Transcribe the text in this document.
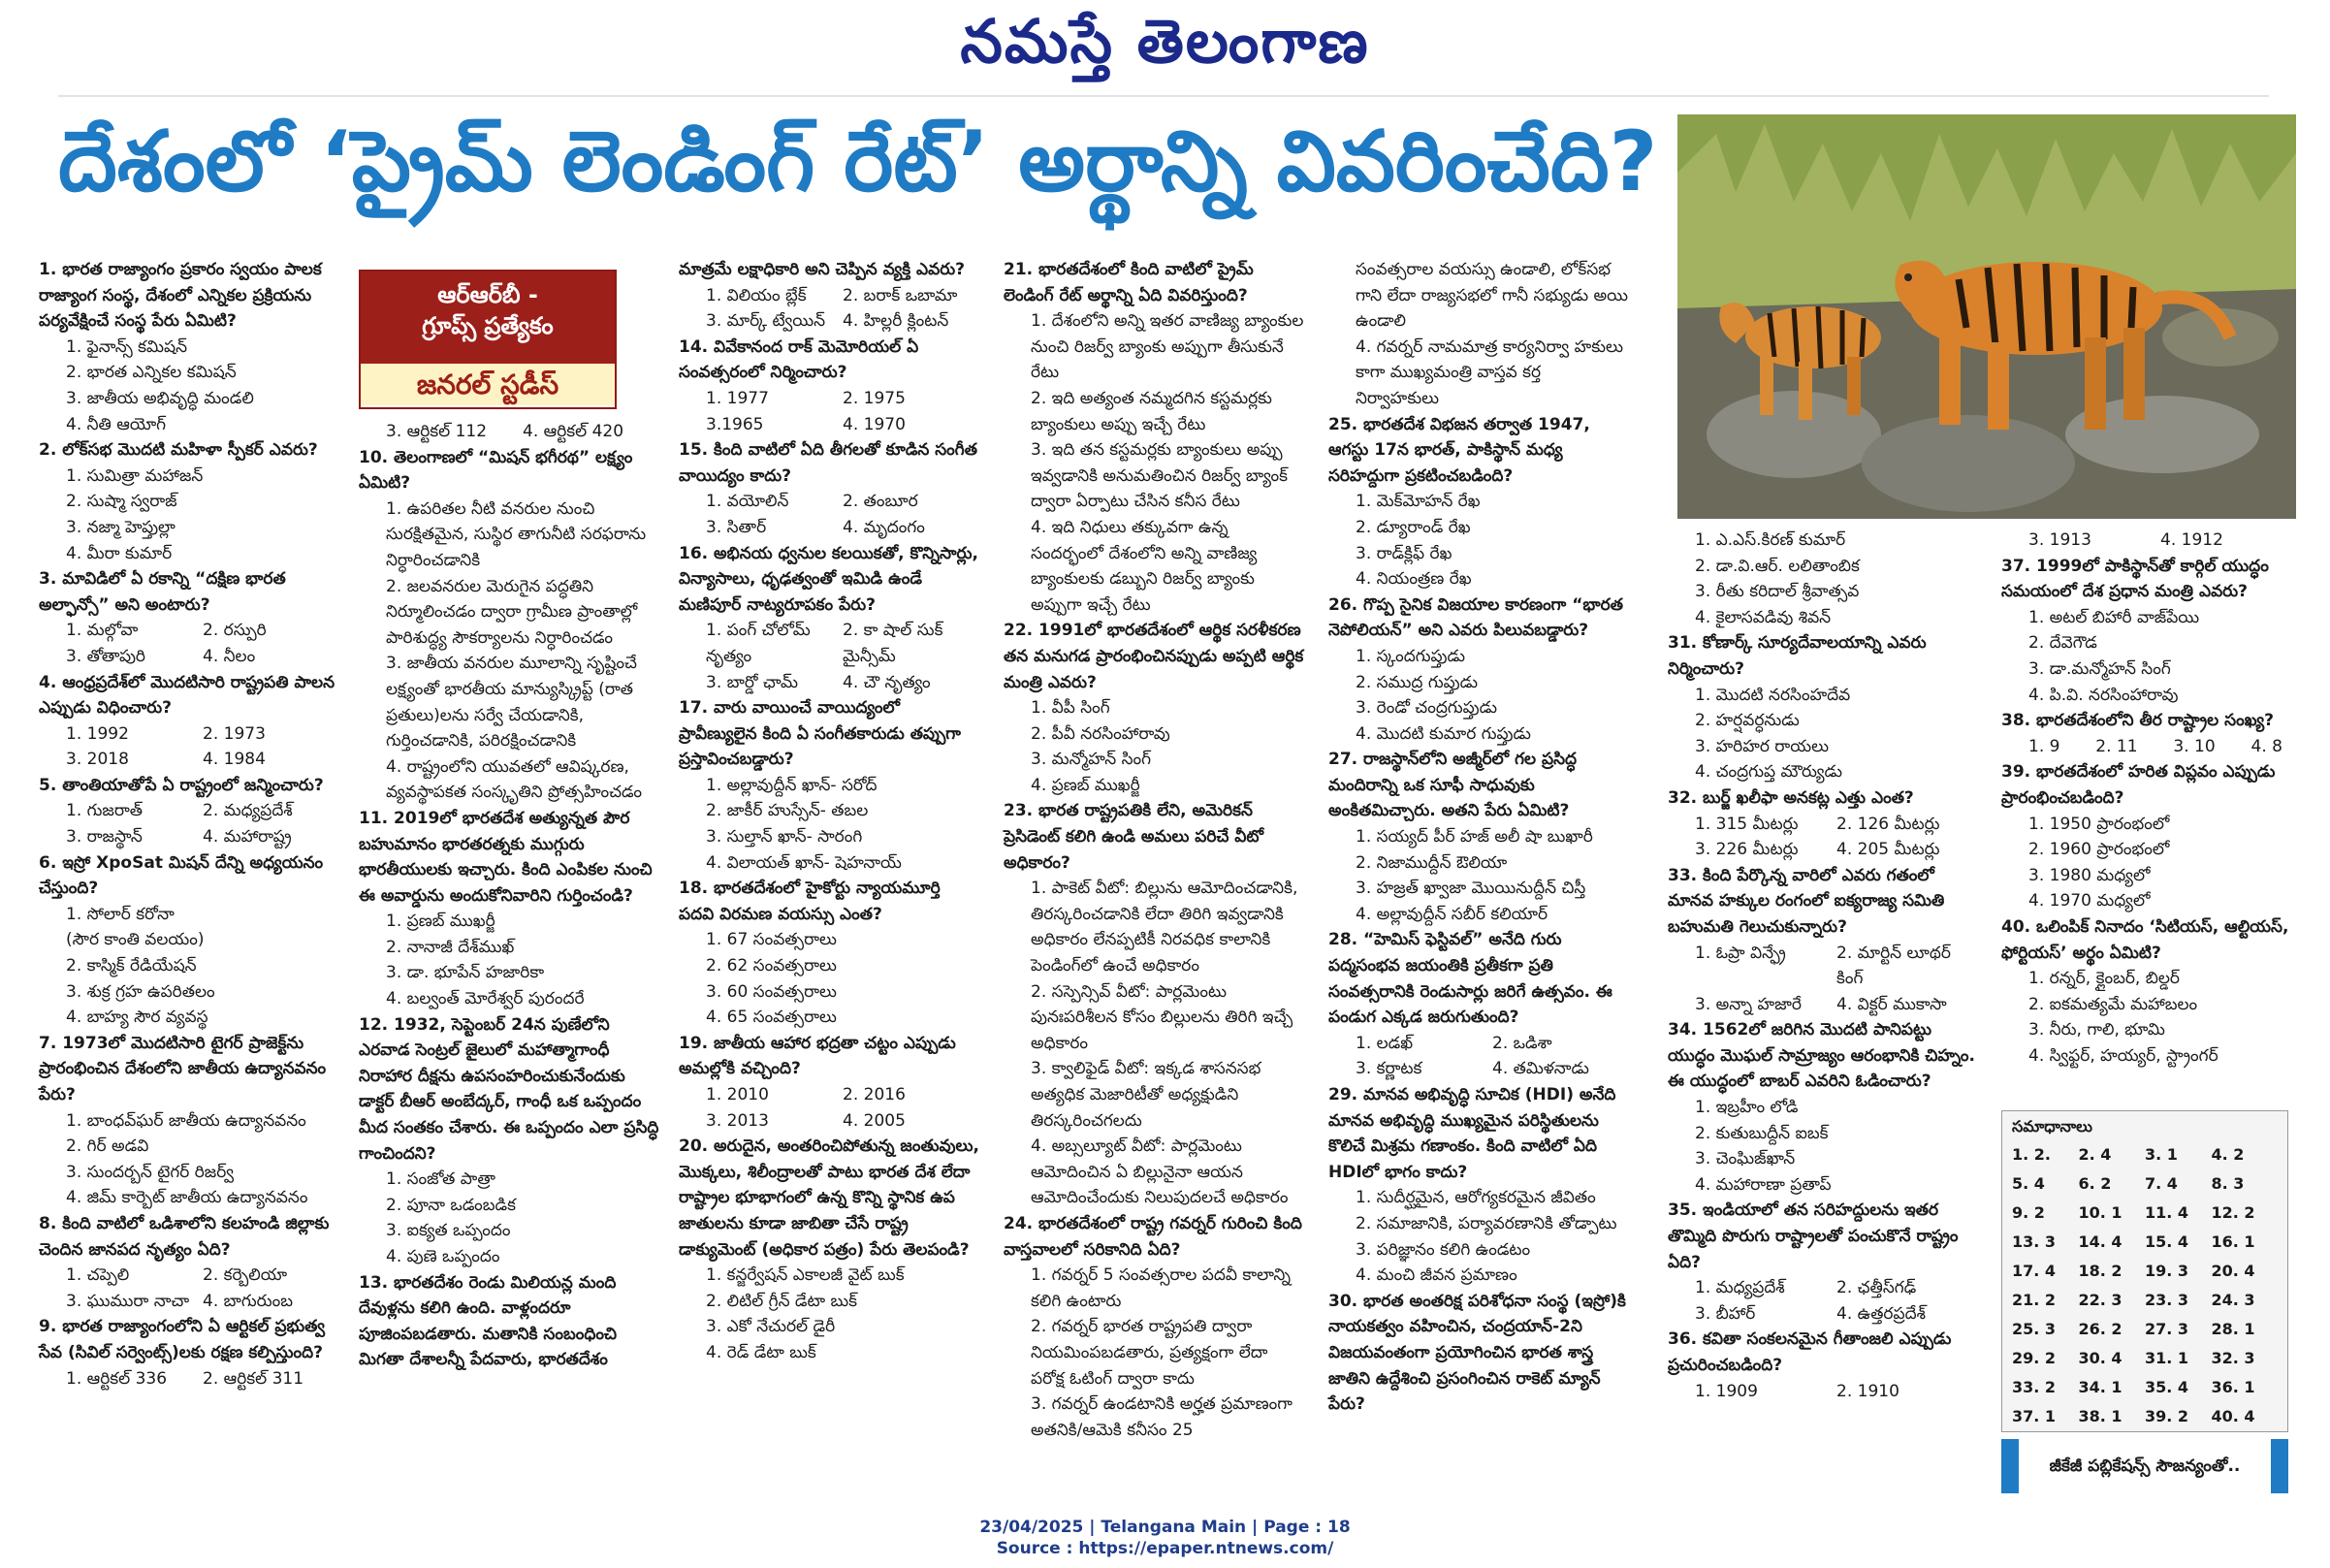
నమస్తే తెలంగాణ
దేశంలో ‘ప్రైమ్ లెండింగ్ రేట్’ అర్థాన్ని వివరించేది?
ఆర్ఆర్‌బీ -
గ్రూప్స్ ప్రత్యేకం
జనరల్ స్టడీస్

1. భారత రాజ్యాంగం ప్రకారం స్వయం పాలక రాజ్యాంగ సంస్థ, దేశంలో ఎన్నికల ప్రక్రియను పర్యవేక్షించే సంస్థ పేరు ఏమిటి?

1. ఫైనాన్స్ కమిషన్

2. భారత ఎన్నికల కమిషన్

3. జాతీయ అభివృద్ధి మండలి

4. నీతి ఆయోగ్

2. లోక్‌సభ మొదటి మహిళా స్పీకర్ ఎవరు?

1. సుమిత్రా మహాజన్

2. సుష్మా స్వరాజ్

3. నజ్మా హెప్తుల్లా

4. మీరా కుమార్

3. మావిడిలో ఏ రకాన్ని “దక్షిణ భారత అల్ఫాన్సో” అని అంటారు?

1. మల్గోవా	2. రస్పురి
3. తోతాపురి	4. నీలం

4. ఆంధ్రప్రదేశ్‌లో మొదటిసారి రాష్ట్రపతి పాలన ఎప్పుడు విధించారు?

1. 1992	2. 1973
3. 2018	4. 1984

5. తాంతియాతోపే ఏ రాష్ట్రంలో జన్మించారు?

1. గుజరాత్	2. మధ్యప్రదేశ్
3. రాజస్థాన్	4. మహారాష్ట్ర

6. ఇస్రో XpoSat మిషన్ దేన్ని అధ్యయనం చేస్తుంది?

1. సోలార్ కరోనా

(సౌర కాంతి వలయం)

2. కాస్మిక్ రేడియేషన్

3. శుక్ర గ్రహ ఉపరితలం

4. బాహ్య సౌర వ్యవస్థ

7. 1973లో మొదటిసారి టైగర్ ప్రాజెక్ట్‌ను ప్రారంభించిన దేశంలోని జాతీయ ఉద్యానవనం పేరు?

1. బాంధవ్‌ఘర్ జాతీయ ఉద్యానవనం

2. గిర్ అడవి

3. సుందర్బన్ టైగర్ రిజర్వ్

4. జిమ్ కార్బెట్ జాతీయ ఉద్యానవనం

8. కింది వాటిలో ఒడిశాలోని కలహండి జిల్లాకు చెందిన జానపద నృత్యం ఏది?

1. చప్పెలి	2. కర్బెలియా
3. ఘుమురా నాచా 4. బాగురుంబ

9. భారత రాజ్యాంగంలోని ఏ ఆర్టికల్ ప్రభుత్వ సేవ (సివిల్ సర్వెంట్స్)లకు రక్షణ కల్పిస్తుంది?

1. ఆర్టికల్ 336	2. ఆర్టికల్ 311
3. ఆర్టికల్ 112	4. ఆర్టికల్ 420

10. తెలంగాణలో “మిషన్ భగీరథ” లక్ష్యం ఏమిటి?

1. ఉపరితల నీటి వనరుల నుంచి సురక్షితమైన, సుస్థిర తాగునీటి సరఫరాను నిర్ధారించడానికి

2. జలవనరుల మెరుగైన పద్ధతిని నిర్మూలించడం ద్వారా గ్రామీణ ప్రాంతాల్లో పారిశుద్ధ్య సౌకర్యాలను నిర్ధారించడం

3. జాతీయ వనరుల మూలాన్ని సృష్టించే లక్ష్యంతో భారతీయ మాన్యుస్క్రిప్ట్ (రాత ప్రతులు)లను సర్వే చేయడానికి, గుర్తించడానికి, పరిరక్షించడానికి

4. రాష్ట్రంలోని యువతలో ఆవిష్కరణ, వ్యవస్థాపకత సంస్కృతిని ప్రోత్సహించడం

11. 2019లో భారతదేశ అత్యున్నత పౌర బహుమానం భారతరత్నకు ముగ్గురు భారతీయులకు ఇచ్చారు. కింది ఎంపికల నుంచి ఈ అవార్డును అందుకోనివారిని గుర్తించండి?

1. ప్రణబ్ ముఖర్జీ

2. నానాజీ దేశ్‌ముఖ్

3. డా. భూపేన్ హజారికా

4. బల్వంత్ మోరేశ్వర్ పురందరే

12. 1932, సెప్టెంబర్ 24న పుణేలోని ఎరవాడ సెంట్రల్ జైలులో మహాత్మాగాంధీ నిరాహార దీక్షను ఉపసంహరించుకునేందుకు డాక్టర్ బీఆర్ అంబేద్కర్, గాంధీ ఒక ఒప్పందం మీద సంతకం చేశారు. ఈ ఒప్పందం ఎలా ప్రసిద్ధి గాంచిందని?

1. సంజోత పాత్రా

2. పూనా ఒడంబడిక

3. ఐక్యత ఒప్పందం

4. పుణె ఒప్పందం

13. భారతదేశం రెండు మిలియన్ల మంది దేవుళ్లను కలిగి ఉంది. వాళ్లందరూ పూజింపబడతారు. మతానికి సంబంధించి మిగతా దేశాలన్నీ పేదవారు, భారతదేశం

మాత్రమే లక్షాధికారి అని చెప్పిన వ్యక్తి ఎవరు?

1. విలియం బ్లేక్	2. బరాక్ ఒబామా
3. మార్క్ ట్వేయిన్	4. హిల్లరీ క్లింటన్

14. వివేకానంద రాక్ మెమోరియల్ ఏ సంవత్సరంలో నిర్మించారు?

1. 1977	2. 1975
3.1965	4. 1970

15. కింది వాటిలో ఏది తీగలతో కూడిన సంగీత వాయిద్యం కాదు?

1. వయోలిన్	2. తంబూర
3. సితార్	4. మృదంగం

16. అభినయ ధ్వనుల కలయికతో, కొన్నిసార్లు, విన్యాసాలు, ధృఢత్వంతో ఇమిడి ఉండే మణిపూర్ నాట్యరూపకం పేరు?

1. పంగ్ చోలోమ్ నృత్యం
2. కా షాల్ సుక్ మైన్సీమ్
3. బార్డో ఛామ్	4. చౌ నృత్యం

17. వారు వాయించే వాయిద్యంలో ప్రావీణ్యులైన కింది ఏ సంగీతకారుడు తప్పుగా ప్రస్తావించబడ్డారు?

1. అల్లావుద్దీన్ ఖాన్- సరోద్

2. జాకీర్ హుస్సేన్- తబల

3. సుల్తాన్ ఖాన్- సారంగి

4. విలాయత్ ఖాన్- షెహనాయ్

18. భారతదేశంలో హైకోర్టు న్యాయమూర్తి పదవి విరమణ వయస్సు ఎంత?

1. 67 సంవత్సరాలు

2. 62 సంవత్సరాలు

3. 60 సంవత్సరాలు

4. 65 సంవత్సరాలు

19. జాతీయ ఆహార భద్రతా చట్టం ఎప్పుడు అమల్లోకి వచ్చింది?

1. 2010	2. 2016
3. 2013	4. 2005

20. అరుదైన, అంతరించిపోతున్న జంతువులు, మొక్కలు, శిలీంద్రాలతో పాటు భారత దేశ లేదా రాష్ట్రాల భూభాగంలో ఉన్న కొన్ని స్థానిక ఉప జాతులను కూడా జాబితా చేసే రాష్ట్ర డాక్యుమెంట్ (అధికార పత్రం) పేరు తెలపండి?

1. కన్జర్వేషన్ ఎకాలజీ వైట్ బుక్

2. లిటిల్ గ్రీన్ డేటా బుక్

3. ఎకో నేచురల్ డైరీ

4. రెడ్ డేటా బుక్

21. భారతదేశంలో కింది వాటిలో ప్రైమ్ లెండింగ్ రేట్ అర్థాన్ని ఏది వివరిస్తుంది?

1. దేశంలోని అన్ని ఇతర వాణిజ్య బ్యాంకుల నుంచి రిజర్వ్ బ్యాంకు అప్పుగా తీసుకునే రేటు

2. ఇది అత్యంత నమ్మదగిన కస్టమర్లకు బ్యాంకులు అప్పు ఇచ్చే రేటు

3. ఇది తన కస్టమర్లకు బ్యాంకులు అప్పు ఇవ్వడానికి అనుమతించిన రిజర్వ్ బ్యాంక్ ద్వారా ఏర్పాటు చేసిన కనీస రేటు

4. ఇది నిధులు తక్కువగా ఉన్న సందర్భంలో దేశంలోని అన్ని వాణిజ్య బ్యాంకులకు డబ్బుని రిజర్వ్ బ్యాంకు అప్పుగా ఇచ్చే రేటు

22. 1991లో భారతదేశంలో ఆర్థిక సరళీకరణ తన మనుగడ ప్రారంభించినప్పుడు అప్పటి ఆర్థిక మంత్రి ఎవరు?

1. వీపీ సింగ్

2. పీవీ నరసింహారావు

3. మన్మోహన్ సింగ్

4. ప్రణబ్ ముఖర్జీ

23. భారత రాష్ట్రపతికి లేని, అమెరికన్ ప్రెసిడెంట్ కలిగి ఉండి అమలు పరిచే వీటో అధికారం?

1. పాకెట్ వీటో: బిల్లును ఆమోదించడానికి, తిరస్కరించడానికి లేదా తిరిగి ఇవ్వడానికి అధికారం లేనప్పటికీ నిరవధిక కాలానికి పెండింగ్‌లో ఉంచే అధికారం

2. సస్పెన్సివ్ వీటో: పార్లమెంటు పునఃపరిశీలన కోసం బిల్లులను తిరిగి ఇచ్చే అధికారం

3. క్వాలిఫైడ్ వీటో: ఇక్కడ శాసనసభ అత్యధిక మెజారిటీతో అధ్యక్షుడిని తిరస్కరించగలదు

4. అబ్సల్యూట్ వీటో: పార్లమెంటు ఆమోదించిన ఏ బిల్లునైనా ఆయన ఆమోదించేందుకు నిలుపుదలచే అధికారం

24. భారతదేశంలో రాష్ట్ర గవర్నర్ గురించి కింది వాస్తవాలలో సరికానిది ఏది?

1. గవర్నర్ 5 సంవత్సరాల పదవీ కాలాన్ని కలిగి ఉంటారు

2. గవర్నర్ భారత రాష్ట్రపతి ద్వారా నియమింపబడతారు, ప్రత్యక్షంగా లేదా పరోక్ష ఓటింగ్ ద్వారా కాదు

3. గవర్నర్ ఉండటానికి అర్హత ప్రమాణంగా అతనికి/ఆమెకి కనీసం 25

సంవత్సరాల వయస్సు ఉండాలి, లోక్‌సభ గాని లేదా రాజ్యసభలో గానీ సభ్యుడు అయి ఉండాలి

4. గవర్నర్ నామమాత్ర కార్యనిర్వా హకులు కాగా ముఖ్యమంత్రి వాస్తవ కర్త నిర్వాహకులు

25. భారతదేశ విభజన తర్వాత 1947, ఆగస్టు 17న భారత్, పాకిస్థాన్ మధ్య సరిహద్దుగా ప్రకటించబడింది?

1. మెక్‌మోహన్ రేఖ

2. డ్యూరాండ్ రేఖ

3. రాడ్‌క్లిఫ్ రేఖ

4. నియంత్రణ రేఖ

26. గొప్ప సైనిక విజయాల కారణంగా “భారత నెపోలియన్” అని ఎవరు పిలువబడ్డారు?

1. స్కందగుప్తుడు

2. సముద్ర గుప్తుడు

3. రెండో చంద్రగుప్తుడు

4. మొదటి కుమార గుప్తుడు

27. రాజస్థాన్‌లోని అజ్మీర్‌లో గల ప్రసిద్ధ మందిరాన్ని ఒక సూఫీ సాధువుకు అంకితమిచ్చారు. అతని పేరు ఏమిటి?

1. సయ్యద్ పీర్ హజ్ అలీ షా బుఖారీ

2. నిజాముద్దీన్ ఔలియా

3. హజ్రత్ ఖ్వాజా మొయినుద్దీన్ చిస్తీ

4. అల్లావుద్దీన్ సబీర్ కలియార్

28. “హెమిస్ ఫెస్టివల్” అనేది గురు పద్మసంభవ జయంతికి ప్రతీకగా ప్రతి సంవత్సరానికి రెండుసార్లు జరిగే ఉత్సవం. ఈ పండుగ ఎక్కడ జరుగుతుంది?

1. లడఖ్	2. ఒడిశా
3. కర్ణాటక	4. తమిళనాడు

29. మానవ అభివృద్ధి సూచిక (HDI) అనేది మానవ అభివృద్ధి ముఖ్యమైన పరిస్థితులను కొలిచే మిశ్రమ గణాంకం. కింది వాటిలో ఏది HDIలో భాగం కాదు?

1. సుదీర్ఘమైన, ఆరోగ్యకరమైన జీవితం

2. సమాజానికి, పర్యావరణానికి తోడ్పాటు

3. పరిజ్ఞానం కలిగి ఉండటం

4. మంచి జీవన ప్రమాణం

30. భారత అంతరిక్ష పరిశోధనా సంస్థ (ఇస్రో)కి నాయకత్వం వహించిన, చంద్రయాన్-2ని విజయవంతంగా ప్రయోగించిన భారత శాస్త్ర జాతిని ఉద్దేశించి ప్రసంగించిన రాకెట్ మ్యాన్ పేరు?

1. ఎ.ఎస్.కిరణ్ కుమార్

2. డా.వి.ఆర్. లలితాంబిక

3. రీతు కరిదాల్ శ్రీవాత్సవ

4. కైలాసవడివు శివన్

31. కోణార్క్ సూర్యదేవాలయాన్ని ఎవరు నిర్మించారు?

1. మొదటి నరసింహదేవ

2. హర్షవర్ధనుడు

3. హరిహర రాయలు

4. చంద్రగుప్త మౌర్యుడు

32. బుర్జ్ ఖలీఫా అనకట్ల ఎత్తు ఎంత?

1. 315 మీటర్లు	2. 126 మీటర్లు
3. 226 మీటర్లు	4. 205 మీటర్లు

33. కింది పేర్కొన్న వారిలో ఎవరు గతంలో మానవ హక్కుల రంగంలో ఐక్యరాజ్య సమితి బహుమతి గెలుచుకున్నారు?

1. ఓప్రా విన్ఫ్రే	2. మార్టిన్ లూథర్ కింగ్
3. అన్నా హజారే	4. విక్టర్ ముకాసా

34. 1562లో జరిగిన మొదటి పానిపట్టు యుద్ధం మొఘల్ సామ్రాజ్యం ఆరంభానికి చిహ్నం. ఈ యుద్ధంలో బాబర్ ఎవరిని ఓడించారు?

1. ఇబ్రహీం లోడి

2. కుతుబుద్దీన్ ఐబక్

3. చెంఘిజ్‌ఖాన్

4. మహారాణా ప్రతాప్

35. ఇండియాలో తన సరిహద్దులను ఇతర తొమ్మిది పొరుగు రాష్ట్రాలతో పంచుకొనే రాష్ట్రం ఏది?

1. మధ్యప్రదేశ్	2. ఛత్తీస్‌గఢ్
3. బీహార్	4. ఉత్తరప్రదేశ్

36. కవితా సంకలనమైన గీతాంజలి ఎప్పుడు ప్రచురించబడింది?

1. 1909	2. 1910
3. 1913	4. 1912

37. 1999లో పాకిస్థాన్‌తో కార్గిల్ యుద్ధం సమయంలో దేశ ప్రధాన మంత్రి ఎవరు?

1. అటల్ బిహారీ వాజ్‌పేయి

2. దేవెగౌడ

3. డా.మన్మోహన్ సింగ్

4. పి.వి. నరసింహారావు

38. భారతదేశంలోని తీర రాష్ట్రాల సంఖ్య?

1. 9 2. 11 3. 10 4. 8

39. భారతదేశంలో హరిత విప్లవం ఎప్పుడు ప్రారంభించబడింది?

1. 1950 ప్రారంభంలో

2. 1960 ప్రారంభంలో

3. 1980 మధ్యలో

4. 1970 మధ్యలో

40. ఒలింపిక్ నినాదం ‘సిటియస్, ఆల్టియస్, ఫోర్టియస్’ అర్థం ఏమిటి?

1. రన్నర్, క్లైంబర్, బిల్డర్

2. ఐకమత్యమే మహాబలం

3. నీరు, గాలి, భూమి

4. స్విఫ్టర్, హయ్యర్, స్ట్రాంగర్

సమాధానాలు
1. 2.	2. 4	3. 1	4. 2
5. 4	6. 2	7. 4	8. 3
9. 2	10. 1	11. 4	12. 2
13. 3	14. 4	15. 4	16. 1
17. 4	18. 2	19. 3	20. 4
21. 2	22. 3	23. 3	24. 3
25. 3	26. 2	27. 3	28. 1
29. 2	30. 4	31. 1	32. 3
33. 2	34. 1	35. 4	36. 1
37. 1	38. 1	39. 2	40. 4
జీకేజీ పబ్లికేషన్స్ సౌజన్యంతో..
23/04/2025 | Telangana Main | Page : 18
Source : https://epaper.ntnews.com/
